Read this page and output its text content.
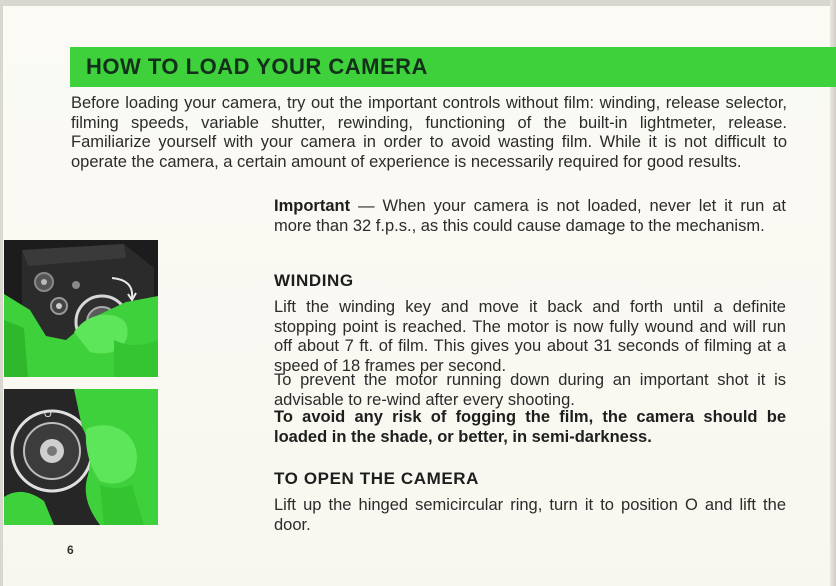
HOW TO LOAD YOUR CAMERA

Before loading your camera, try out the important controls without film: winding, release selector, filming speeds, variable shutter, rewinding, functioning of the built-in lightmeter, release. Familiarize yourself with your camera in order to avoid wasting film. While it is not difficult to operate the camera, a certain amount of experience is necessarily required for good results.

O

Important — When your camera is not loaded, never let it run at more than 32 f.p.s., as this could cause damage to the mechanism.

WINDING

Lift the winding key and move it back and forth until a definite stopping point is reached. The motor is now fully wound and will run off about 7 ft. of film. This gives you about 31 seconds of filming at a speed of 18 frames per second.

To prevent the motor running down during an important shot it is advisable to re-wind after every shooting.

To avoid any risk of fogging the film, the camera should be loaded in the shade, or better, in semi-darkness.

TO OPEN THE CAMERA

Lift up the hinged semicircular ring, turn it to position O and lift the door.

6
